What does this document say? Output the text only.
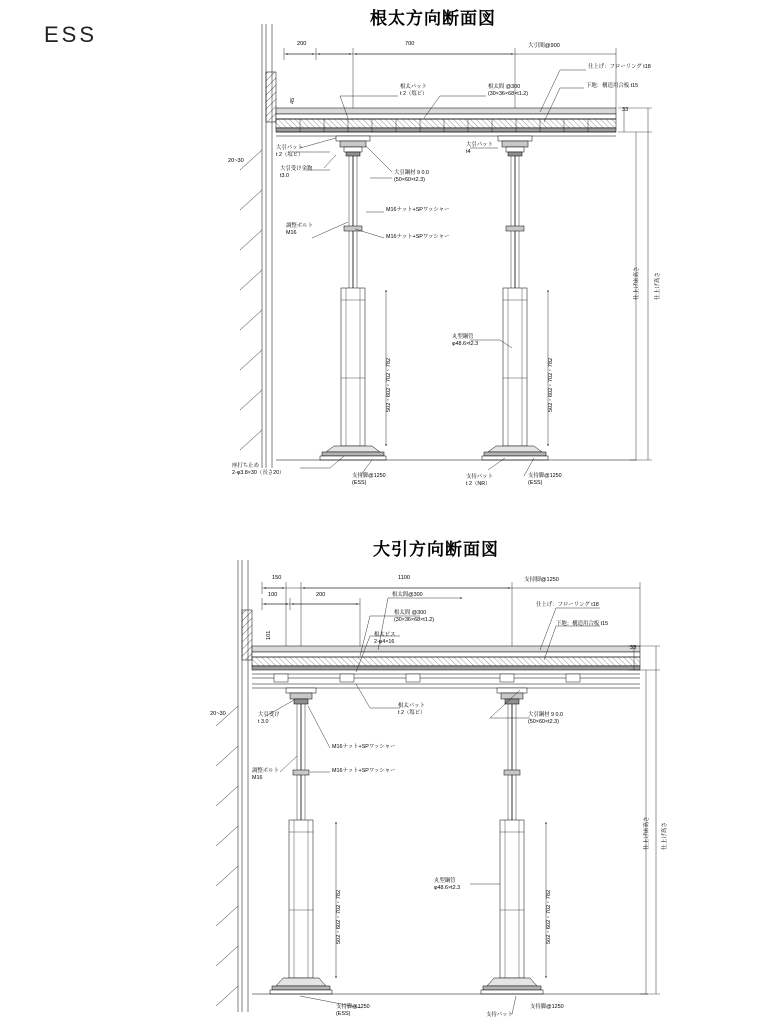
ESS
根太方向断面図
大引方向断面図
200	700	大引間@900
根太パット
t 2（塩ビ）
根太間 @300
(30×36×68×t1.2)
仕上げ：フローリング t18
下地：構造用合板 t15
33
45
大引パット
t 2（塩ビ）
大引受け金物
t3.0
大引パット
t4
大引鋼材 9 0.0
(50×60×t2.3)
M16ナット+SPワッシャー
調整ボルト
M16
M16ナット+SPワッシャー
丸型鋼管
φ48.6×t2.3
20~30
502・602・702・782	502・602・702・782
仕上げ床高さ	仕上げ高さ
座打ち止め
2-φ3.8×30（長さ20）	支持脚@1250
(ESS)
支持パット
t 2（NR）
支持脚@1250
(ESS)
150	1100	支持脚@1250
100	200	根太間@300
根太間 @300
(30×36×68×t1.2)
根太ビス
2-φ4×16
仕上げ：フローリング t18
下地：構造用合板 t15
33
101
根太パット
t 2（塩ビ）	大引鋼材 9 0.0
(50×60×t2.3)
大引受け
t 3.0
20~30
M16ナット+SPワッシャー
調整ボルト
M16
M16ナット+SPワッシャー
丸型鋼管
φ48.6×t2.3
502・602・702・782	502・602・702・782
仕上げ床高さ	仕上げ高さ
支持脚@1250
(ESS)	支持パット
支持脚@1250
